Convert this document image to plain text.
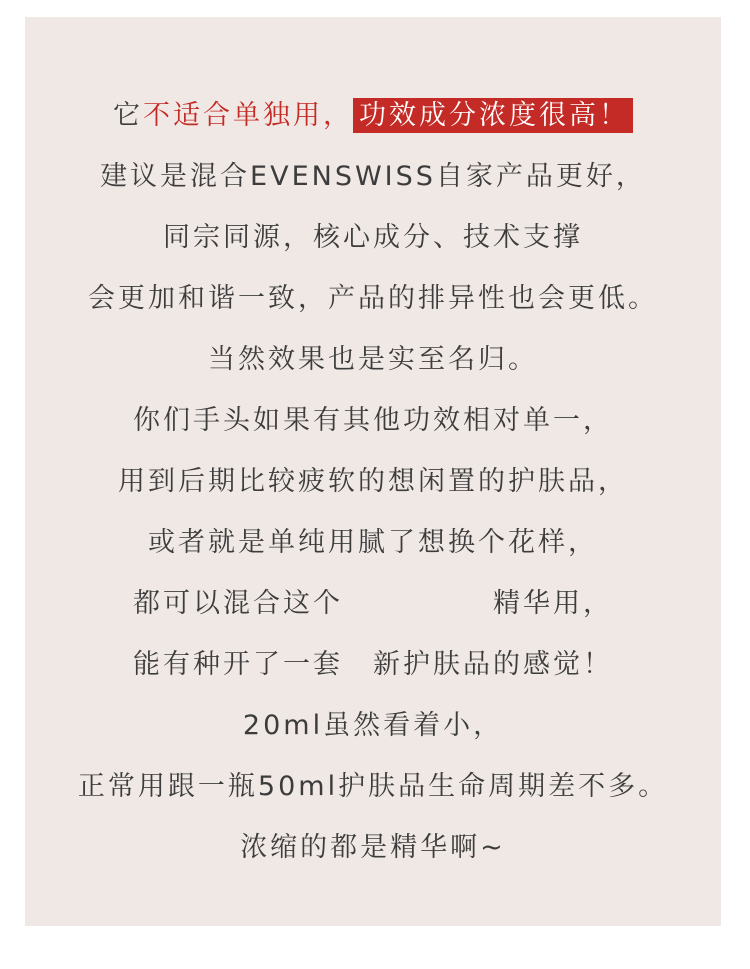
它不适合单独用， 功效成分浓度很高！
建议是混合EVENSWISS自家产品更好，
同宗同源，核心成分、技术支撑
会更加和谐一致，产品的排异性也会更低。
当然效果也是实至名归。
你们手头如果有其他功效相对单一，
用到后期比较疲软的想闲置的护肤品，
或者就是单纯用腻了想换个花样，
都可以混合这个	精华用，
能有种开了一套 新护肤品的感觉！
20ml虽然看着小，
正常用跟一瓶50ml护肤品生命周期差不多。
浓缩的都是精华啊~
